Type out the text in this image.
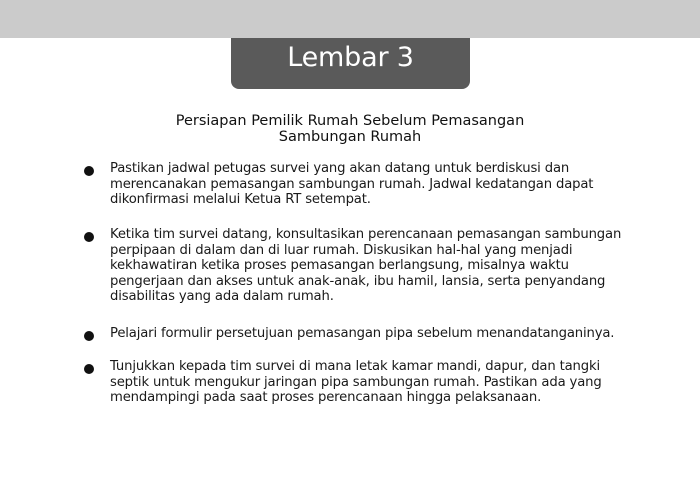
Lembar 3
Persiapan Pemilik Rumah Sebelum Pemasangan
Sambungan Rumah
Pastikan jadwal petugas survei yang akan datang untuk berdiskusi dan
merencanakan pemasangan sambungan rumah. Jadwal kedatangan dapat
dikonfirmasi melalui Ketua RT setempat.
Ketika tim survei datang, konsultasikan perencanaan pemasangan sambungan
perpipaan di dalam dan di luar rumah. Diskusikan hal-hal yang menjadi
kekhawatiran ketika proses pemasangan berlangsung, misalnya waktu
pengerjaan dan akses untuk anak-anak, ibu hamil, lansia, serta penyandang
disabilitas yang ada dalam rumah.
Pelajari formulir persetujuan pemasangan pipa sebelum menandatanganinya.
Tunjukkan kepada tim survei di mana letak kamar mandi, dapur, dan tangki
septik untuk mengukur jaringan pipa sambungan rumah. Pastikan ada yang
mendampingi pada saat proses perencanaan hingga pelaksanaan.
